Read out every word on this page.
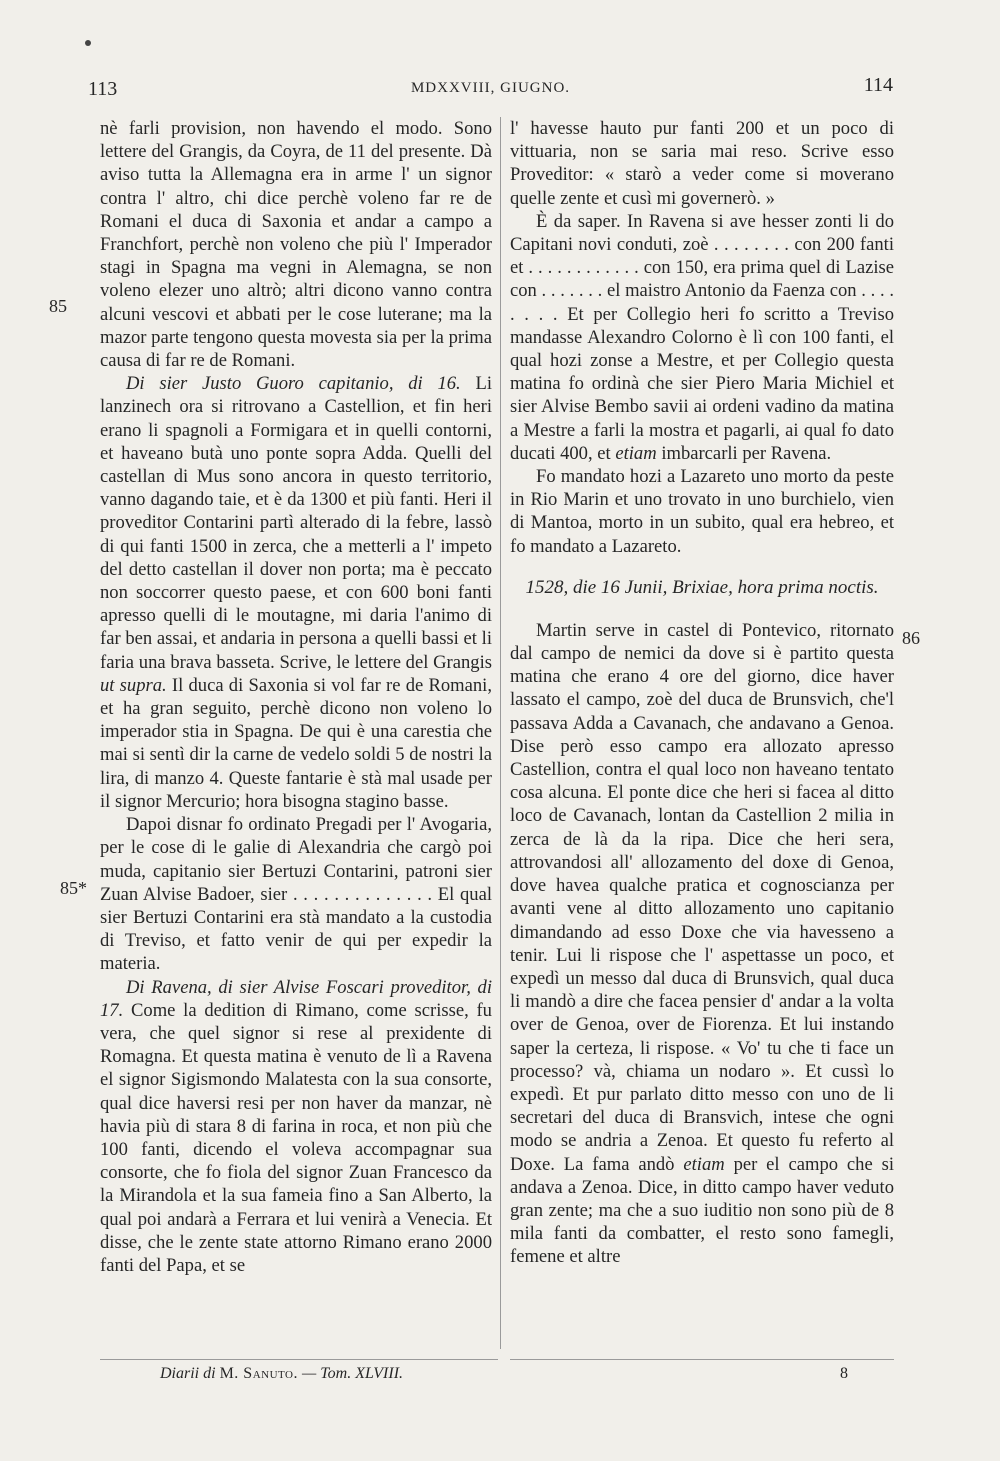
113	MDXXVIII, GIUGNO.	114
85
85*
86

nè farli provision, non havendo el modo. Sono lettere del Grangis, da Coyra, de 11 del presente. Dà aviso tutta la Allemagna era in arme l' un signor contra l' altro, chi dice perchè voleno far re de Romani el duca di Saxonia et andar a campo a Franchfort, perchè non voleno che più l' Imperador stagi in Spagna ma vegni in Alemagna, se non voleno elezer uno altrò; altri dicono vanno contra alcuni vescovi et abbati per le cose luterane; ma la mazor parte tengono questa movesta sia per la prima causa di far re de Romani.

Di sier Justo Guoro capitanio, di 16. Li lanzinech ora si ritrovano a Castellion, et fin heri erano li spagnoli a Formigara et in quelli contorni, et haveano butà uno ponte sopra Adda. Quelli del castellan di Mus sono ancora in questo territorio, vanno dagando taie, et è da 1300 et più fanti. Heri il proveditor Contarini partì alterado di la febre, lassò di qui fanti 1500 in zerca, che a metterli a l' impeto del detto castellan il dover non porta; ma è peccato non soccorrer questo paese, et con 600 boni fanti apresso quelli di le moutagne, mi daria l'animo di far ben assai, et andaria in persona a quelli bassi et li faria una brava basseta. Scrive, le lettere del Grangis ut supra. Il duca di Saxonia si vol far re de Romani, et ha gran seguito, perchè dicono non voleno lo imperador stia in Spagna. De qui è una carestia che mai si sentì dir la carne de vedelo soldi 5 de nostri la lira, di manzo 4. Queste fantarie è stà mal usade per il signor Mercurio; hora bisogna stagino basse.

Dapoi disnar fo ordinato Pregadi per l' Avogaria, per le cose di le galie di Alexandria che cargò poi muda, capitanio sier Bertuzi Contarini, patroni sier Zuan Alvise Badoer, sier . . . . . . . . . . . . . . El qual sier Bertuzi Contarini era stà mandato a la custodia di Treviso, et fatto venir de qui per expedir la materia.

Di Ravena, di sier Alvise Foscari proveditor, di 17. Come la dedition di Rimano, come scrisse, fu vera, che quel signor si rese al prexidente di Romagna. Et questa matina è venuto de lì a Ravena el signor Sigismondo Malatesta con la sua consorte, qual dice haversi resi per non haver da manzar, nè havia più di stara 8 di farina in roca, et non più che 100 fanti, dicendo el voleva accompagnar sua consorte, che fo fiola del signor Zuan Francesco da la Mirandola et la sua fameia fino a San Alberto, la qual poi andarà a Ferrara et lui venirà a Venecia. Et disse, che le zente state attorno Rimano erano 2000 fanti del Papa, et se

l' havesse hauto pur fanti 200 et un poco di vittuaria, non se saria mai reso. Scrive esso Proveditor: « starò a veder come si moverano quelle zente et cusì mi governerò. »

È da saper. In Ravena si ave hesser zonti li do Capitani novi conduti, zoè . . . . . . . . con 200 fanti et . . . . . . . . . . . . con 150, era prima quel di Lazise con . . . . . . . el maistro Antonio da Faenza con . . . . . . . . Et per Collegio heri fo scritto a Treviso mandasse Alexandro Colorno è lì con 100 fanti, el qual hozi zonse a Mestre, et per Collegio questa matina fo ordinà che sier Piero Maria Michiel et sier Alvise Bembo savii ai ordeni vadino da matina a Mestre a farli la mostra et pagarli, ai qual fo dato ducati 400, et etiam imbarcarli per Ravena.

Fo mandato hozi a Lazareto uno morto da peste in Rio Marin et uno trovato in uno burchielo, vien di Mantoa, morto in un subito, qual era hebreo, et fo mandato a Lazareto.

1528, die 16 Junii, Brixiae, hora prima noctis.

Martin serve in castel di Pontevico, ritornato dal campo de nemici da dove si è partito questa matina che erano 4 ore del giorno, dice haver lassato el campo, zoè del duca de Brunsvich, che'l passava Adda a Cavanach, che andavano a Genoa. Dise però esso campo era allozato apresso Castellion, contra el qual loco non haveano tentato cosa alcuna. El ponte dice che heri si facea al ditto loco de Cavanach, lontan da Castellion 2 milia in zerca de là da la ripa. Dice che heri sera, attrovandosi all' allozamento del doxe di Genoa, dove havea qualche pratica et cognoscianza per avanti vene al ditto allozamento uno capitanio dimandando ad esso Doxe che via havesseno a tenir. Lui li rispose che l' aspettasse un poco, et expedì un messo dal duca di Brunsvich, qual duca li mandò a dire che facea pensier d' andar a la volta over de Genoa, over de Fiorenza. Et lui instando saper la certeza, li rispose. « Vo' tu che ti face un processo? và, chiama un nodaro ». Et cussì lo expedì. Et pur parlato ditto messo con uno de li secretari del duca di Bransvich, intese che ogni modo se andria a Zenoa. Et questo fu referto al Doxe. La fama andò etiam per el campo che si andava a Zenoa. Dice, in ditto campo haver veduto gran zente; ma che a suo iuditio non sono più de 8 mila fanti da combatter, el resto sono famegli, femene et altre

Diarii di M. Sanuto. — Tom. XLVIII.	8
